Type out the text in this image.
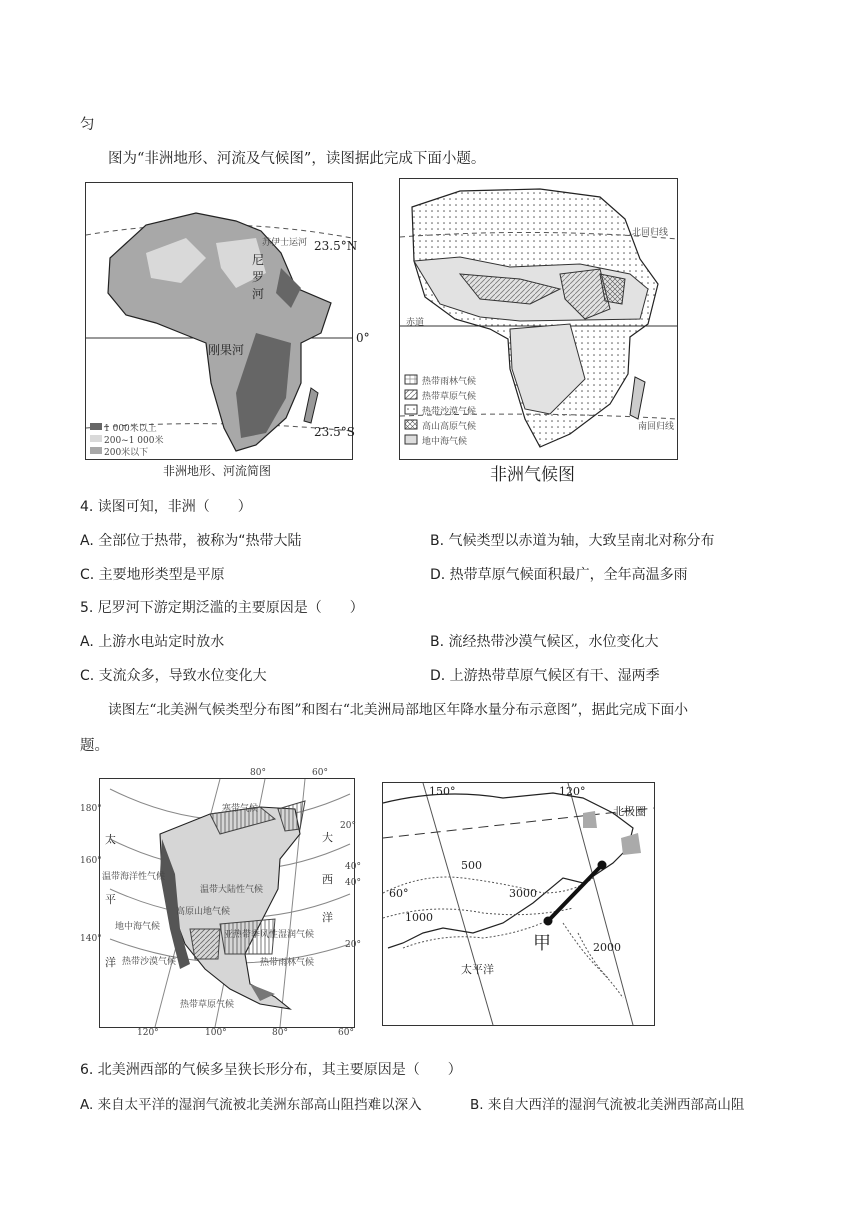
匀
图为“非洲地形、河流及气候图”，读图据此完成下面小题。
苏伊士运河 23.5°N
尼
罗
河
0°
刚果河
23.5°S
1 000米以上
200~1 000米
200米以下
非洲地形、河流简图
北回归线
赤道
南回归线
热带雨林气候
热带草原气候
热带沙漠气候
高山高原气候
地中海气候
非洲气候图
4. 读图可知，非洲（　　）
A. 全部位于热带，被称为“热带大陆	B. 气候类型以赤道为轴，大致呈南北对称分布
C. 主要地形类型是平原	D. 热带草原气候面积最广，全年高温多雨
5. 尼罗河下游定期泛滥的主要原因是（　　）
A. 上游水电站定时放水	B. 流经热带沙漠气候区，水位变化大
C. 支流众多，导致水位变化大	D. 上游热带草原气候区有干、湿两季
读图左“北美洲气候类型分布图”和图右“北美洲局部地区年降水量分布示意图”，据此完成下面小
题。
80°	60°
20°
寒带气候
太	大
温带海洋性气候	西
温带大陆性气候
平
高原山地气候	洋
地中海气候
亚热带季风性湿润气候
洋 热带沙漠气候	热带雨林气候
热带草原气候
180°
160°
140°
40°
40°
20°
120°	100°	80°	60°
150°	120°
北极圈
500
60°	3000
1000
甲	2000
太平洋
6. 北美洲西部的气候多呈狭长形分布，其主要原因是（　　）
A. 来自太平洋的湿润气流被北美洲东部高山阻挡难以深入	B. 来自大西洋的湿润气流被北美洲西部高山阻
